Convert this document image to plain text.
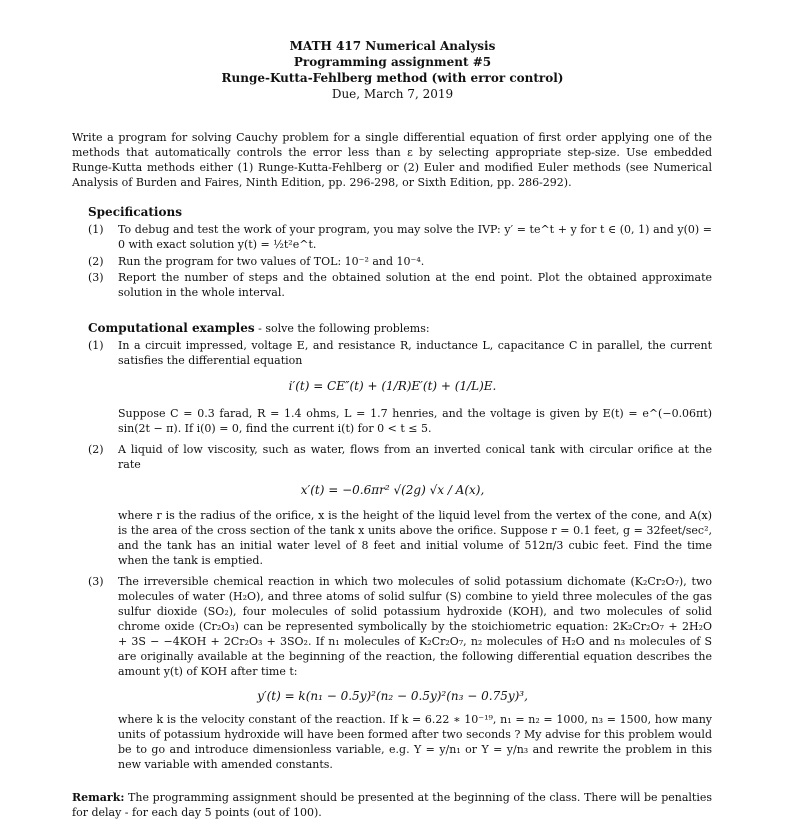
MATH 417 Numerical Analysis
Programming assignment #5
Runge-Kutta-Fehlberg method (with error control)
Due, March 7, 2019
Write a program for solving Cauchy problem for a single differential equation of first order applying one of the methods that automatically controls the error less than ε by selecting appropriate step-size. Use embedded Runge-Kutta methods either (1) Runge-Kutta-Fehlberg or (2) Euler and modified Euler methods (see Numerical Analysis of Burden and Faires, Ninth Edition, pp. 296-298, or Sixth Edition, pp. 286-292).
Specifications
(1) To debug and test the work of your program, you may solve the IVP: y′ = te^t + y for t ∈ (0, 1) and y(0) = 0 with exact solution y(t) = ½t²e^t.
(2) Run the program for two values of TOL: 10⁻² and 10⁻⁴.
(3) Report the number of steps and the obtained solution at the end point. Plot the obtained approximate solution in the whole interval.
Computational examples - solve the following problems:
(1) In a circuit impressed, voltage E, and resistance R, inductance L, capacitance C in parallel, the current satisfies the differential equation
i′(t) = CE″(t) + (1/R)E′(t) + (1/L)E.
Suppose C = 0.3 farad, R = 1.4 ohms, L = 1.7 henries, and the voltage is given by E(t) = e^(−0.06πt) sin(2t − π). If i(0) = 0, find the current i(t) for 0 < t ≤ 5.
(2) A liquid of low viscosity, such as water, flows from an inverted conical tank with circular orifice at the rate
x′(t) = −0.6πr² √(2g) √x / A(x),
where r is the radius of the orifice, x is the height of the liquid level from the vertex of the cone, and A(x) is the area of the cross section of the tank x units above the orifice. Suppose r = 0.1 feet, g = 32feet/sec², and the tank has an initial water level of 8 feet and initial volume of 512π/3 cubic feet. Find the time when the tank is emptied.
(3) The irreversible chemical reaction in which two molecules of solid potassium dichomate (K₂Cr₂O₇), two molecules of water (H₂O), and three atoms of solid sulfur (S) combine to yield three molecules of the gas sulfur dioxide (SO₂), four molecules of solid potassium hydroxide (KOH), and two molecules of solid chrome oxide (Cr₂O₃) can be represented symbolically by the stoichiometric equation: 2K₂Cr₂O₇ + 2H₂O + 3S − −4KOH + 2Cr₂O₃ + 3SO₂. If n₁ molecules of K₂Cr₂O₇, n₂ molecules of H₂O and n₃ molecules of S are originally available at the beginning of the reaction, the following differential equation describes the amount y(t) of KOH after time t:
y′(t) = k(n₁ − 0.5y)²(n₂ − 0.5y)²(n₃ − 0.75y)³,
where k is the velocity constant of the reaction. If k = 6.22 ∗ 10⁻¹⁹, n₁ = n₂ = 1000, n₃ = 1500, how many units of potassium hydroxide will have been formed after two seconds ? My advise for this problem would be to go and introduce dimensionless variable, e.g. Y = y/n₁ or Y = y/n₃ and rewrite the problem in this new variable with amended constants.
Remark: The programming assignment should be presented at the beginning of the class. There will be penalties for delay - for each day 5 points (out of 100).
